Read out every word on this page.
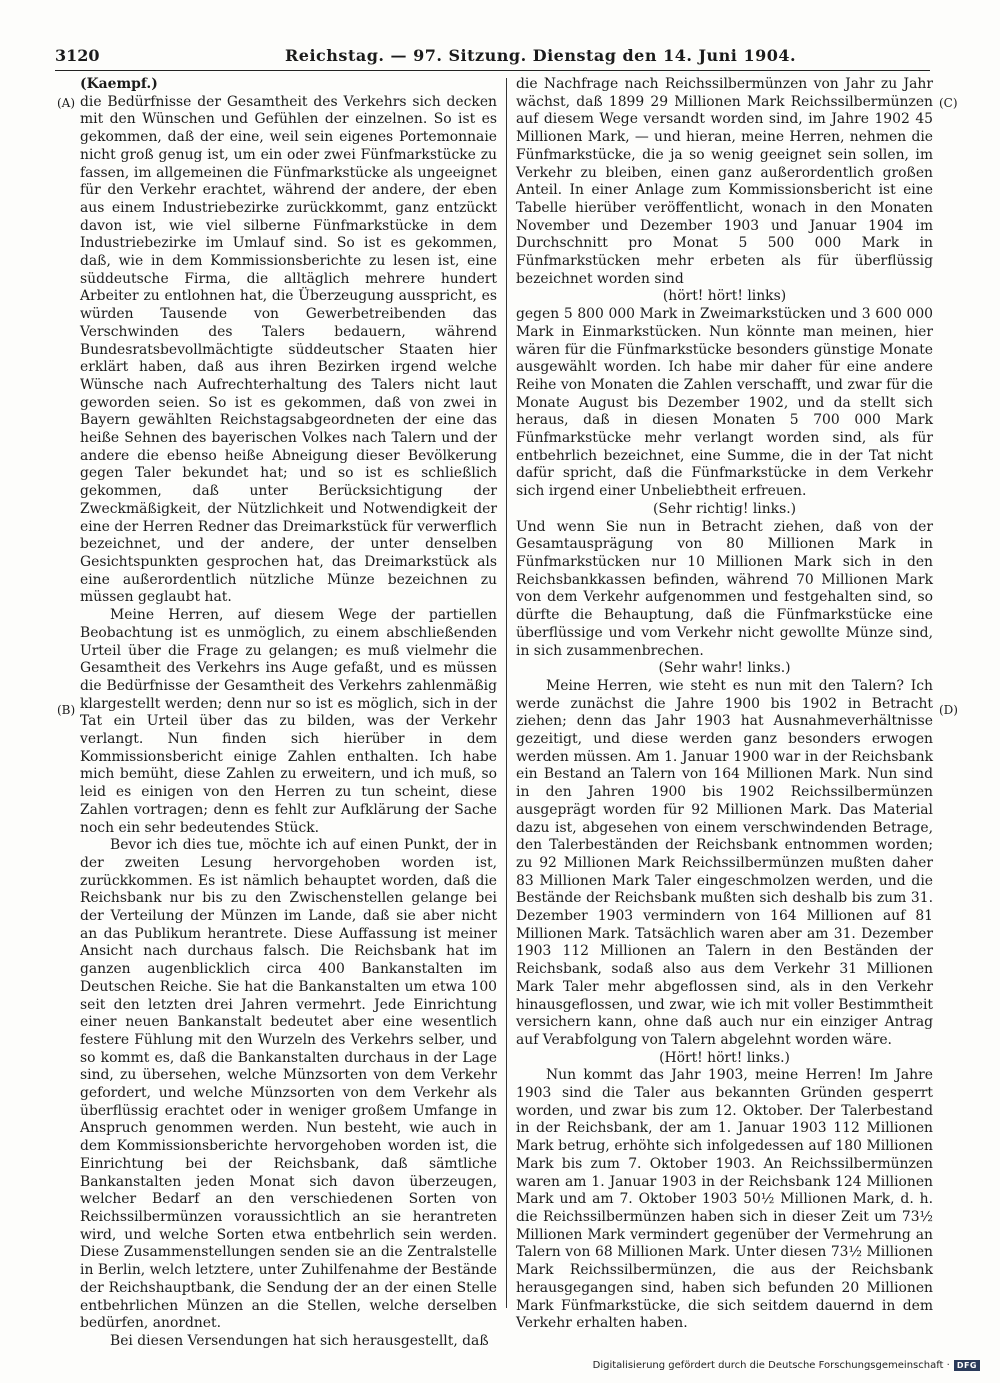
3120	Reichstag. — 97. Sitzung. Dienstag den 14. Juni 1904.
(A)
(B)
(C)
(D)
(Kaempf.)

die Bedürfnisse der Gesamtheit des Verkehrs sich decken mit den Wünschen und Gefühlen der einzelnen. So ist es gekommen, daß der eine, weil sein eigenes Portemonnaie nicht groß genug ist, um ein oder zwei Fünfmarkstücke zu fassen, im allgemeinen die Fünfmarkstücke als ungeeignet für den Verkehr erachtet, während der andere, der eben aus einem Industriebezirke zurückkommt, ganz entzückt davon ist, wie viel silberne Fünfmarkstücke in dem Industriebezirke im Umlauf sind. So ist es gekommen, daß, wie in dem Kommissionsberichte zu lesen ist, eine süddeutsche Firma, die alltäglich mehrere hundert Arbeiter zu entlohnen hat, die Überzeugung ausspricht, es würden Tausende von Gewerbetreibenden das Verschwinden des Talers bedauern, während Bundesratsbevollmächtigte süddeutscher Staaten hier erklärt haben, daß aus ihren Bezirken irgend welche Wünsche nach Aufrechterhaltung des Talers nicht laut geworden seien. So ist es gekommen, daß von zwei in Bayern gewählten Reichstagsabgeordneten der eine das heiße Sehnen des bayerischen Volkes nach Talern und der andere die ebenso heiße Abneigung dieser Bevölkerung gegen Taler bekundet hat; und so ist es schließlich gekommen, daß unter Berücksichtigung der Zweckmäßigkeit, der Nützlichkeit und Notwendigkeit der eine der Herren Redner das Dreimarkstück für verwerflich bezeichnet, und der andere, der unter denselben Gesichtspunkten gesprochen hat, das Dreimarkstück als eine außerordentlich nützliche Münze bezeichnen zu müssen geglaubt hat.

Meine Herren, auf diesem Wege der partiellen Beobachtung ist es unmöglich, zu einem abschließenden Urteil über die Frage zu gelangen; es muß vielmehr die Gesamtheit des Verkehrs ins Auge gefaßt, und es müssen die Bedürfnisse der Gesamtheit des Verkehrs zahlenmäßig klargestellt werden; denn nur so ist es möglich, sich in der Tat ein Urteil über das zu bilden, was der Verkehr verlangt. Nun finden sich hierüber in dem Kommissionsbericht einige Zahlen enthalten. Ich habe mich bemüht, diese Zahlen zu erweitern, und ich muß, so leid es einigen von den Herren zu tun scheint, diese Zahlen vortragen; denn es fehlt zur Aufklärung der Sache noch ein sehr bedeutendes Stück.

Bevor ich dies tue, möchte ich auf einen Punkt, der in der zweiten Lesung hervorgehoben worden ist, zurückkommen. Es ist nämlich behauptet worden, daß die Reichsbank nur bis zu den Zwischenstellen gelange bei der Verteilung der Münzen im Lande, daß sie aber nicht an das Publikum herantrete. Diese Auffassung ist meiner Ansicht nach durchaus falsch. Die Reichsbank hat im ganzen augenblicklich circa 400 Bankanstalten im Deutschen Reiche. Sie hat die Bankanstalten um etwa 100 seit den letzten drei Jahren vermehrt. Jede Einrichtung einer neuen Bankanstalt bedeutet aber eine wesentlich festere Fühlung mit den Wurzeln des Verkehrs selber, und so kommt es, daß die Bankanstalten durchaus in der Lage sind, zu übersehen, welche Münzsorten von dem Verkehr gefordert, und welche Münzsorten von dem Verkehr als überflüssig erachtet oder in weniger großem Umfange in Anspruch genommen werden. Nun besteht, wie auch in dem Kommissionsberichte hervorgehoben worden ist, die Einrichtung bei der Reichsbank, daß sämtliche Bankanstalten jeden Monat sich davon überzeugen, welcher Bedarf an den verschiedenen Sorten von Reichssilbermünzen voraussichtlich an sie herantreten wird, und welche Sorten etwa entbehrlich sein werden. Diese Zusammenstellungen senden sie an die Zentralstelle in Berlin, welch letztere, unter Zuhilfenahme der Bestände der Reichshauptbank, die Sendung der an der einen Stelle entbehrlichen Münzen an die Stellen, welche derselben bedürfen, anordnet.

Bei diesen Versendungen hat sich herausgestellt, daß

die Nachfrage nach Reichssilbermünzen von Jahr zu Jahr wächst, daß 1899 29 Millionen Mark Reichssilbermünzen auf diesem Wege versandt worden sind, im Jahre 1902 45 Millionen Mark, — und hieran, meine Herren, nehmen die Fünfmarkstücke, die ja so wenig geeignet sein sollen, im Verkehr zu bleiben, einen ganz außerordentlich großen Anteil. In einer Anlage zum Kommissionsbericht ist eine Tabelle hierüber veröffentlicht, wonach in den Monaten November und Dezember 1903 und Januar 1904 im Durchschnitt pro Monat 5 500 000 Mark in Fünfmarkstücken mehr erbeten als für überflüssig bezeichnet worden sind

(hört! hört! links)

gegen 5 800 000 Mark in Zweimarkstücken und 3 600 000 Mark in Einmarkstücken. Nun könnte man meinen, hier wären für die Fünfmarkstücke besonders günstige Monate ausgewählt worden. Ich habe mir daher für eine andere Reihe von Monaten die Zahlen verschafft, und zwar für die Monate August bis Dezember 1902, und da stellt sich heraus, daß in diesen Monaten 5 700 000 Mark Fünfmarkstücke mehr verlangt worden sind, als für entbehrlich bezeichnet, eine Summe, die in der Tat nicht dafür spricht, daß die Fünfmarkstücke in dem Verkehr sich irgend einer Unbeliebtheit erfreuen.

(Sehr richtig! links.)

Und wenn Sie nun in Betracht ziehen, daß von der Gesamtausprägung von 80 Millionen Mark in Fünfmarkstücken nur 10 Millionen Mark sich in den Reichsbankkassen befinden, während 70 Millionen Mark von dem Verkehr aufgenommen und festgehalten sind, so dürfte die Behauptung, daß die Fünfmarkstücke eine überflüssige und vom Verkehr nicht gewollte Münze sind, in sich zusammenbrechen.

(Sehr wahr! links.)

Meine Herren, wie steht es nun mit den Talern? Ich werde zunächst die Jahre 1900 bis 1902 in Betracht ziehen; denn das Jahr 1903 hat Ausnahmeverhältnisse gezeitigt, und diese werden ganz besonders erwogen werden müssen. Am 1. Januar 1900 war in der Reichsbank ein Bestand an Talern von 164 Millionen Mark. Nun sind in den Jahren 1900 bis 1902 Reichssilbermünzen ausgeprägt worden für 92 Millionen Mark. Das Material dazu ist, abgesehen von einem verschwindenden Betrage, den Talerbeständen der Reichsbank entnommen worden; zu 92 Millionen Mark Reichssilbermünzen mußten daher 83 Millionen Mark Taler eingeschmolzen werden, und die Bestände der Reichsbank mußten sich deshalb bis zum 31. Dezember 1903 vermindern von 164 Millionen auf 81 Millionen Mark. Tatsächlich waren aber am 31. Dezember 1903 112 Millionen an Talern in den Beständen der Reichsbank, sodaß also aus dem Verkehr 31 Millionen Mark Taler mehr abgeflossen sind, als in den Verkehr hinausgeflossen, und zwar, wie ich mit voller Bestimmtheit versichern kann, ohne daß auch nur ein einziger Antrag auf Verabfolgung von Talern abgelehnt worden wäre.

(Hört! hört! links.)

Nun kommt das Jahr 1903, meine Herren! Im Jahre 1903 sind die Taler aus bekannten Gründen gesperrt worden, und zwar bis zum 12. Oktober. Der Talerbestand in der Reichsbank, der am 1. Januar 1903 112 Millionen Mark betrug, erhöhte sich infolgedessen auf 180 Millionen Mark bis zum 7. Oktober 1903. An Reichssilbermünzen waren am 1. Januar 1903 in der Reichsbank 124 Millionen Mark und am 7. Oktober 1903 50½ Millionen Mark, d. h. die Reichssilbermünzen haben sich in dieser Zeit um 73½ Millionen Mark vermindert gegenüber der Vermehrung an Talern von 68 Millionen Mark. Unter diesen 73½ Millionen Mark Reichssilbermünzen, die aus der Reichsbank herausgegangen sind, haben sich befunden 20 Millionen Mark Fünfmarkstücke, die sich seitdem dauernd in dem Verkehr erhalten haben.

Digitalisierung gefördert durch die Deutsche Forschungsgemeinschaft · DFG
